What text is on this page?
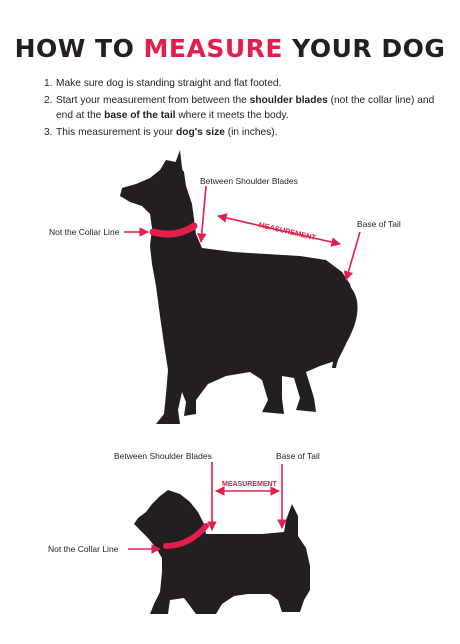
HOW TO MEASURE YOUR DOG
1. Make sure dog is standing straight and flat footed.
2. Start your measurement from between the shoulder blades (not the collar line) and end at the base of the tail where it meets the body.
3. This measurement is your dog's size (in inches).
Between Shoulder Blades
Not the Collar Line
Base of Tail
MEASUREMENT
Between Shoulder Blades	Base of Tail
MEASUREMENT
Not the Collar Line
